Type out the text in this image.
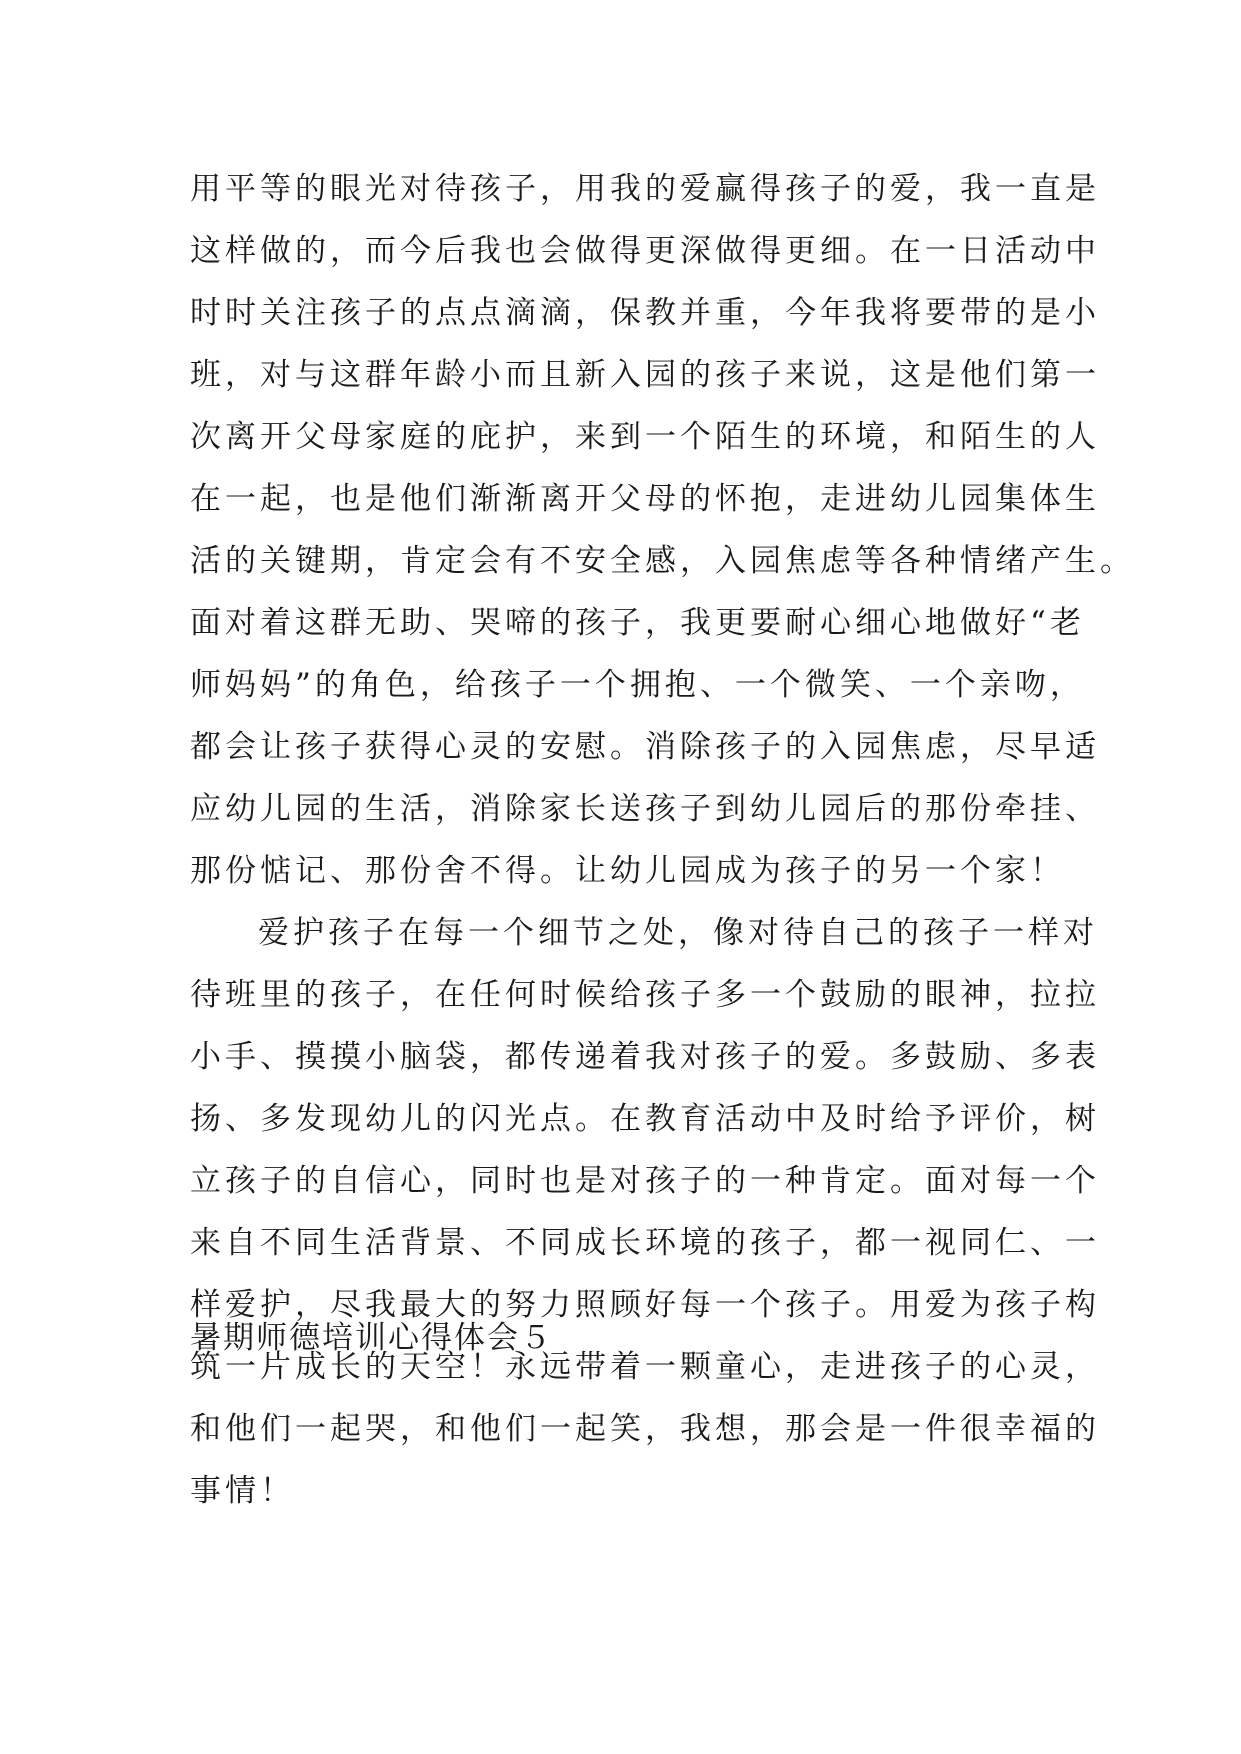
用平等的眼光对待孩子，用我的爱赢得孩子的爱，我一直是
这样做的，而今后我也会做得更深做得更细。在一日活动中
时时关注孩子的点点滴滴，保教并重，今年我将要带的是小
班，对与这群年龄小而且新入园的孩子来说，这是他们第一
次离开父母家庭的庇护，来到一个陌生的环境，和陌生的人
在一起，也是他们渐渐离开父母的怀抱，走进幼儿园集体生
活的关键期，肯定会有不安全感，入园焦虑等各种情绪产生。
面对着这群无助、哭啼的孩子，我更要耐心细心地做好“老
师妈妈”的角色，给孩子一个拥抱、一个微笑、一个亲吻，
都会让孩子获得心灵的安慰。消除孩子的入园焦虑，尽早适
应幼儿园的生活，消除家长送孩子到幼儿园后的那份牵挂、
那份惦记、那份舍不得。让幼儿园成为孩子的另一个家！
爱护孩子在每一个细节之处，像对待自己的孩子一样对
待班里的孩子，在任何时候给孩子多一个鼓励的眼神，拉拉
小手、摸摸小脑袋，都传递着我对孩子的爱。多鼓励、多表
扬、多发现幼儿的闪光点。在教育活动中及时给予评价，树
立孩子的自信心，同时也是对孩子的一种肯定。面对每一个
来自不同生活背景、不同成长环境的孩子，都一视同仁、一
样爱护，尽我最大的努力照顾好每一个孩子。用爱为孩子构
筑一片成长的天空！永远带着一颗童心，走进孩子的心灵，
和他们一起哭，和他们一起笑，我想，那会是一件很幸福的
事情！
暑期师德培训心得体会５
